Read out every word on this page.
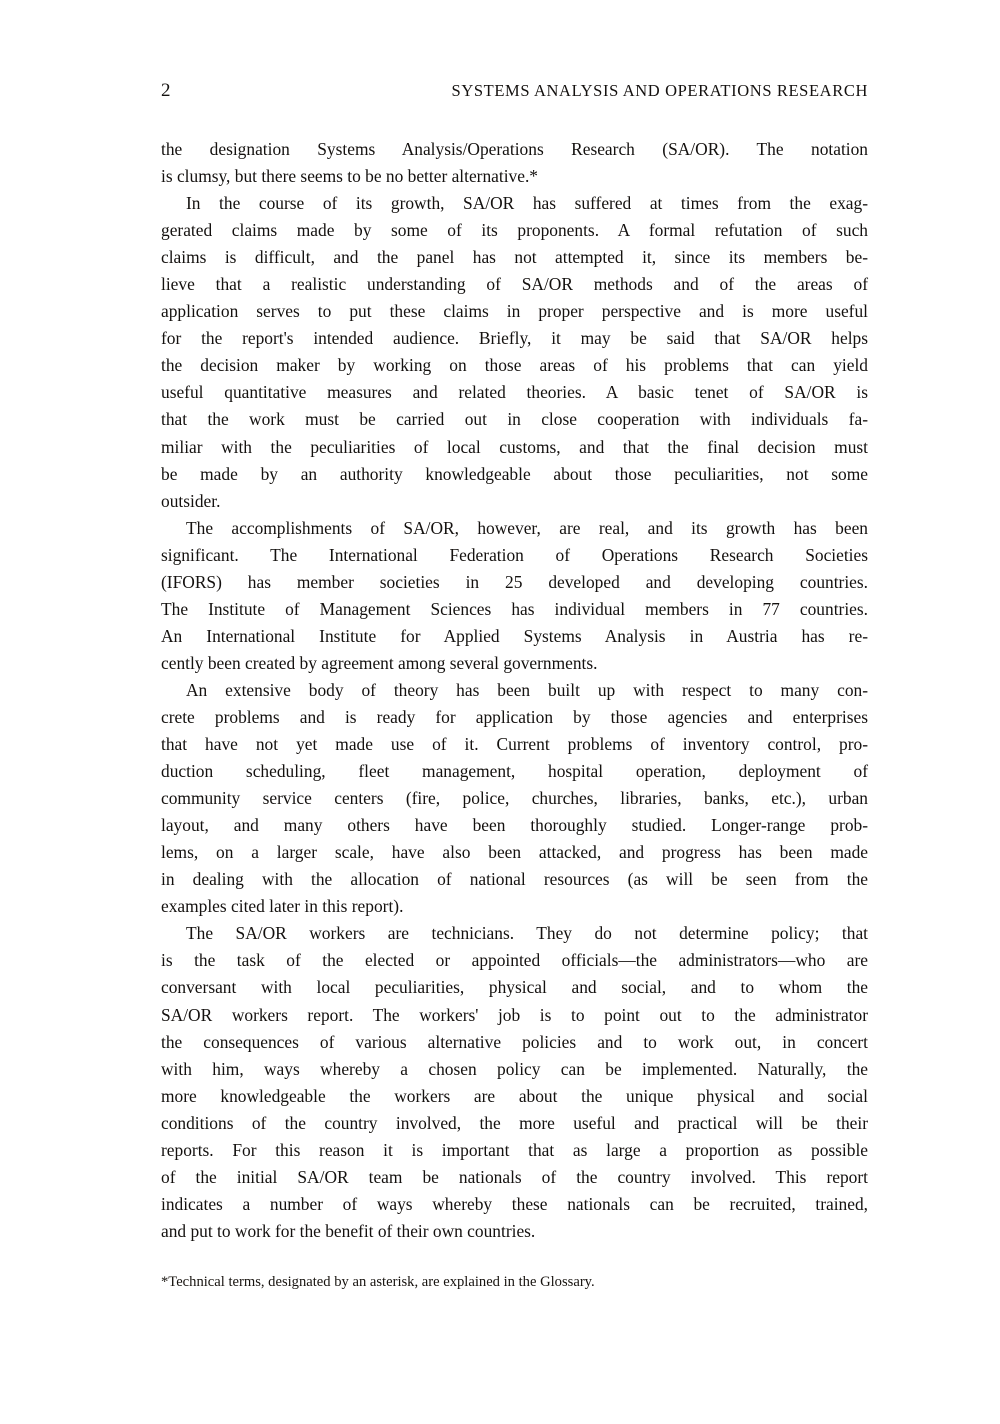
2	SYSTEMS ANALYSIS AND OPERATIONS RESEARCH

the designation Systems Analysis/Operations Research (SA/OR). The notation
is clumsy, but there seems to be no better alternative.*

In the course of its growth, SA/OR has suffered at times from the exag-
gerated claims made by some of its proponents. A formal refutation of such
claims is difficult, and the panel has not attempted it, since its members be-
lieve that a realistic understanding of SA/OR methods and of the areas of
application serves to put these claims in proper perspective and is more useful
for the report's intended audience. Briefly, it may be said that SA/OR helps
the decision maker by working on those areas of his problems that can yield
useful quantitative measures and related theories. A basic tenet of SA/OR is
that the work must be carried out in close cooperation with individuals fa-
miliar with the peculiarities of local customs, and that the final decision must
be made by an authority knowledgeable about those peculiarities, not some
outsider.

The accomplishments of SA/OR, however, are real, and its growth has been
significant. The International Federation of Operations Research Societies
(IFORS) has member societies in 25 developed and developing countries.
The Institute of Management Sciences has individual members in 77 countries.
An International Institute for Applied Systems Analysis in Austria has re-
cently been created by agreement among several governments.

An extensive body of theory has been built up with respect to many con-
crete problems and is ready for application by those agencies and enterprises
that have not yet made use of it. Current problems of inventory control, pro-
duction scheduling, fleet management, hospital operation, deployment of
community service centers (fire, police, churches, libraries, banks, etc.), urban
layout, and many others have been thoroughly studied. Longer-range prob-
lems, on a larger scale, have also been attacked, and progress has been made
in dealing with the allocation of national resources (as will be seen from the
examples cited later in this report).

The SA/OR workers are technicians. They do not determine policy; that
is the task of the elected or appointed officials—the administrators—who are
conversant with local peculiarities, physical and social, and to whom the
SA/OR workers report. The workers' job is to point out to the administrator
the consequences of various alternative policies and to work out, in concert
with him, ways whereby a chosen policy can be implemented. Naturally, the
more knowledgeable the workers are about the unique physical and social
conditions of the country involved, the more useful and practical will be their
reports. For this reason it is important that as large a proportion as possible
of the initial SA/OR team be nationals of the country involved. This report
indicates a number of ways whereby these nationals can be recruited, trained,
and put to work for the benefit of their own countries.

*Technical terms, designated by an asterisk, are explained in the Glossary.
